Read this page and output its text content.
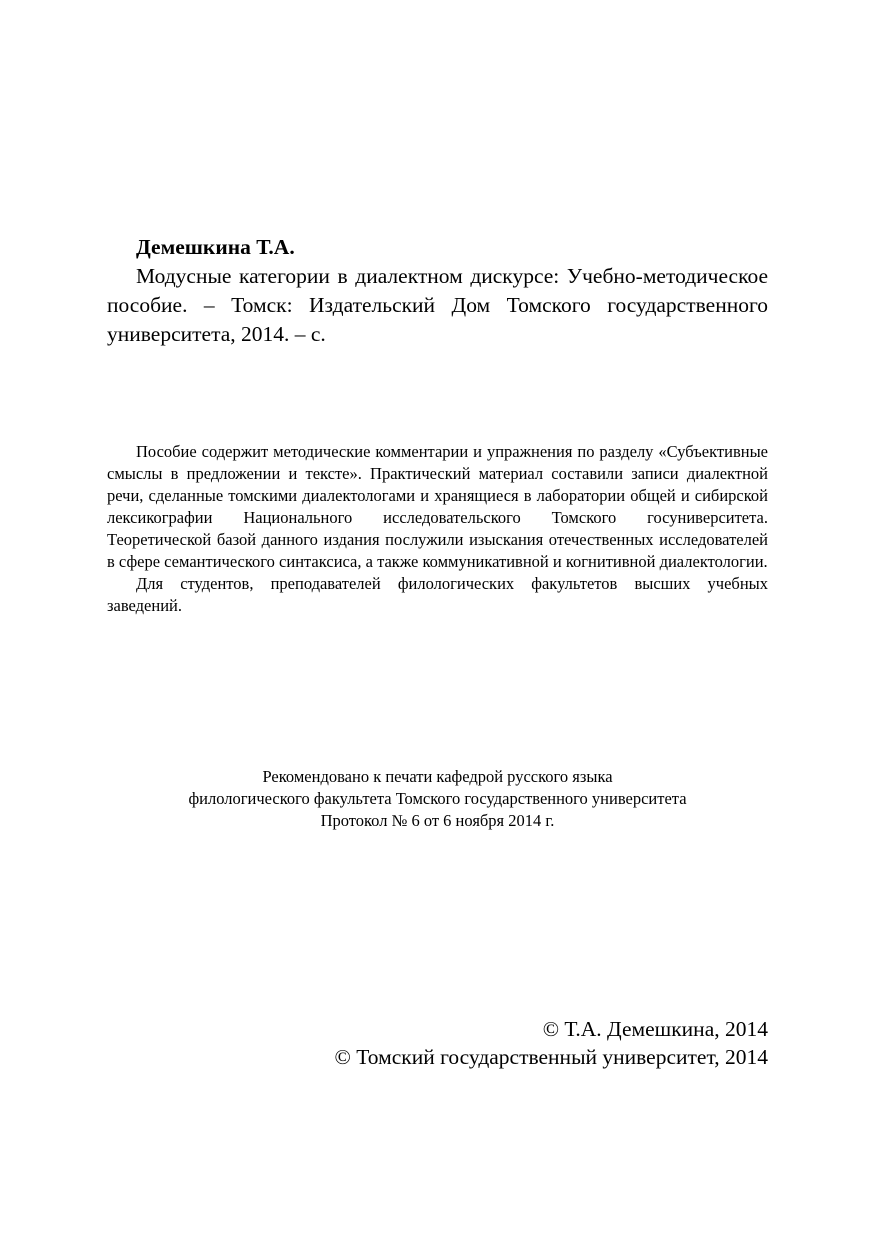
Демешкина Т.А.

Модусные категории в диалектном дискурсе: Учебно-методическое пособие. – Томск: Издательский Дом Томского государственного университета, 2014. – с.

Пособие содержит методические комментарии и упражнения по разделу «Субъективные смыслы в предложении и тексте». Практический материал составили записи диалектной речи, сделанные томскими диалектологами и хранящиеся в лаборатории общей и сибирской лексикографии Национального исследовательского Томского госуниверситета. Теоретической базой данного издания послужили изыскания отечественных исследователей в сфере семантического синтаксиса, а также коммуникативной и когнитивной диалектологии.

Для студентов, преподавателей филологических факультетов высших учебных заведений.

Рекомендовано к печати кафедрой русского языка
филологического факультета Томского государственного университета
Протокол № 6 от 6 ноября 2014 г.
© Т.А. Демешкина, 2014
© Томский государственный университет, 2014
